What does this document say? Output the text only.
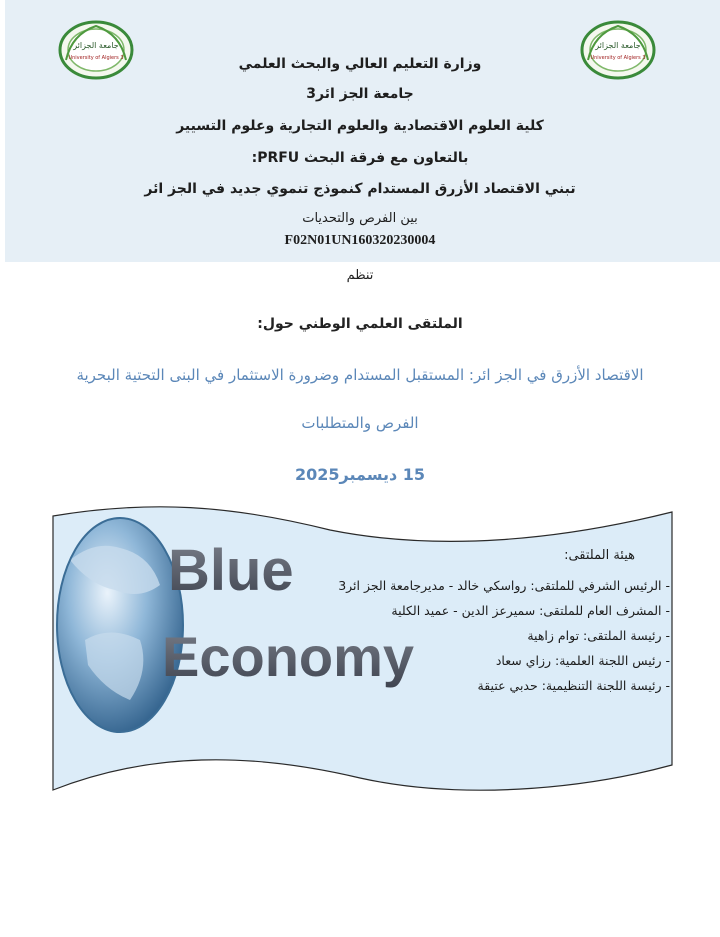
جامعة الجزائر
University of Algiers 3
جامعة الجزائر
University of Algiers 3
وزارة التعليم العالي والبحث العلمي
جامعة الجز ائر3
كلية العلوم الاقتصادية والعلوم التجارية وعلوم التسيير
بالتعاون مع فرقة البحث PRFU:
تبني الاقتصاد الأزرق المستدام كنموذج تنموي جديد في الجز ائر
بين الفرص والتحديات
F02N01UN160320230004
تنظم
الملتقى العلمي الوطني حول:
الاقتصاد الأزرق في الجز ائر: المستقبل المستدام وضرورة الاستثمار في البنى التحتية البحرية
الفرص والمتطلبات
15 ديسمبر2025
Blue
Economy
هيئة الملتقى:
- الرئيس الشرفي للملتقى: رواسكي خالد - مديرجامعة الجز ائر3
- المشرف العام للملتقى: سميرعز الدين - عميد الكلية
- رئيسة الملتقى: توام زاهية
- رئيس اللجنة العلمية: رزاي سعاد
- رئيسة اللجنة التنظيمية: حدبي عتيقة
